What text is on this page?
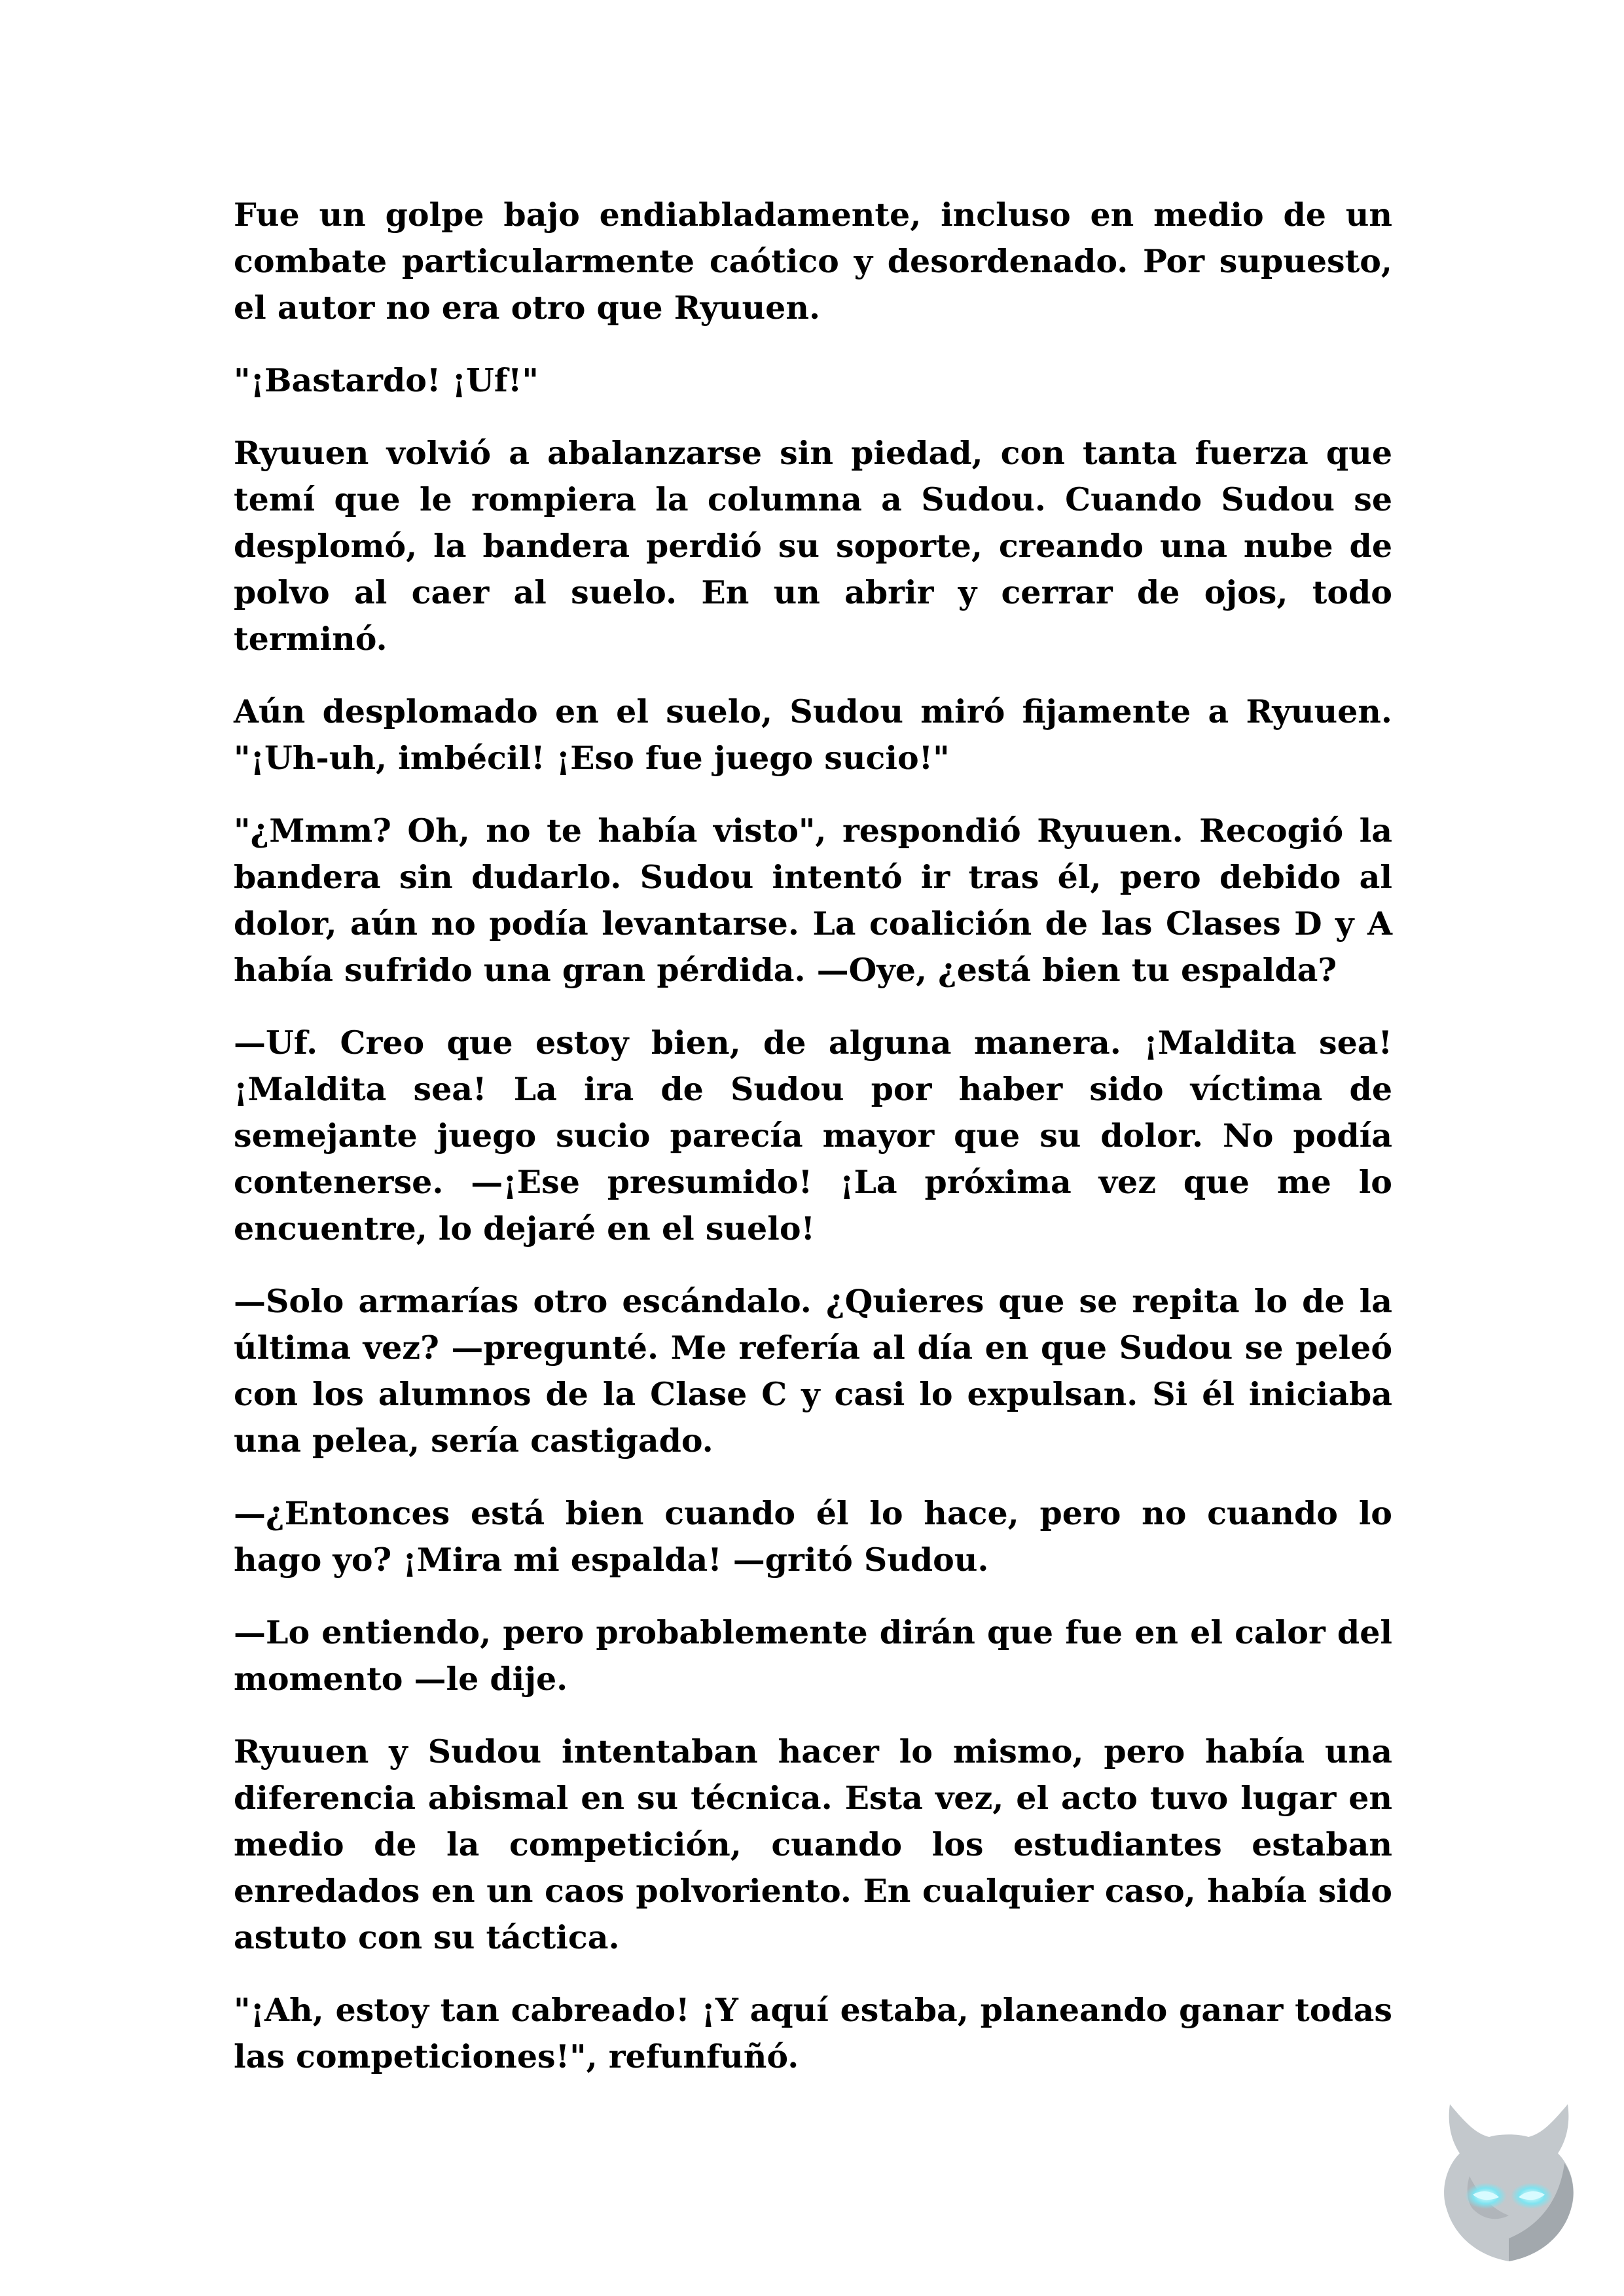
Fue un golpe bajo endiabladamente, incluso en medio de un combate particularmente caótico y desordenado. Por supuesto, el autor no era otro que Ryuuen.

"¡Bastardo! ¡Uf!"

Ryuuen volvió a abalanzarse sin piedad, con tanta fuerza que temí que le rompiera la columna a Sudou. Cuando Sudou se desplomó, la bandera perdió su soporte, creando una nube de polvo al caer al suelo. En un abrir y cerrar de ojos, todo terminó.

Aún desplomado en el suelo, Sudou miró fijamente a Ryuuen. "¡Uh-uh, imbécil! ¡Eso fue juego sucio!"

"¿Mmm? Oh, no te había visto", respondió Ryuuen. Recogió la bandera sin dudarlo. Sudou intentó ir tras él, pero debido al dolor, aún no podía levantarse. La coalición de las Clases D y A había sufrido una gran pérdida. —Oye, ¿está bien tu espalda?

—Uf. Creo que estoy bien, de alguna manera. ¡Maldita sea! ¡Maldita sea! La ira de Sudou por haber sido víctima de semejante juego sucio parecía mayor que su dolor. No podía contenerse. —¡Ese presumido! ¡La próxima vez que me lo encuentre, lo dejaré en el suelo!

—Solo armarías otro escándalo. ¿Quieres que se repita lo de la última vez? —pregunté. Me refería al día en que Sudou se peleó con los alumnos de la Clase C y casi lo expulsan. Si él iniciaba una pelea, sería castigado.

—¿Entonces está bien cuando él lo hace, pero no cuando lo hago yo? ¡Mira mi espalda! —gritó Sudou.

—Lo entiendo, pero probablemente dirán que fue en el calor del momento —le dije.

Ryuuen y Sudou intentaban hacer lo mismo, pero había una diferencia abismal en su técnica. Esta vez, el acto tuvo lugar en medio de la competición, cuando los estudiantes estaban enredados en un caos polvoriento. En cualquier caso, había sido astuto con su táctica.

"¡Ah, estoy tan cabreado! ¡Y aquí estaba, planeando ganar todas las competiciones!", refunfuñó.
